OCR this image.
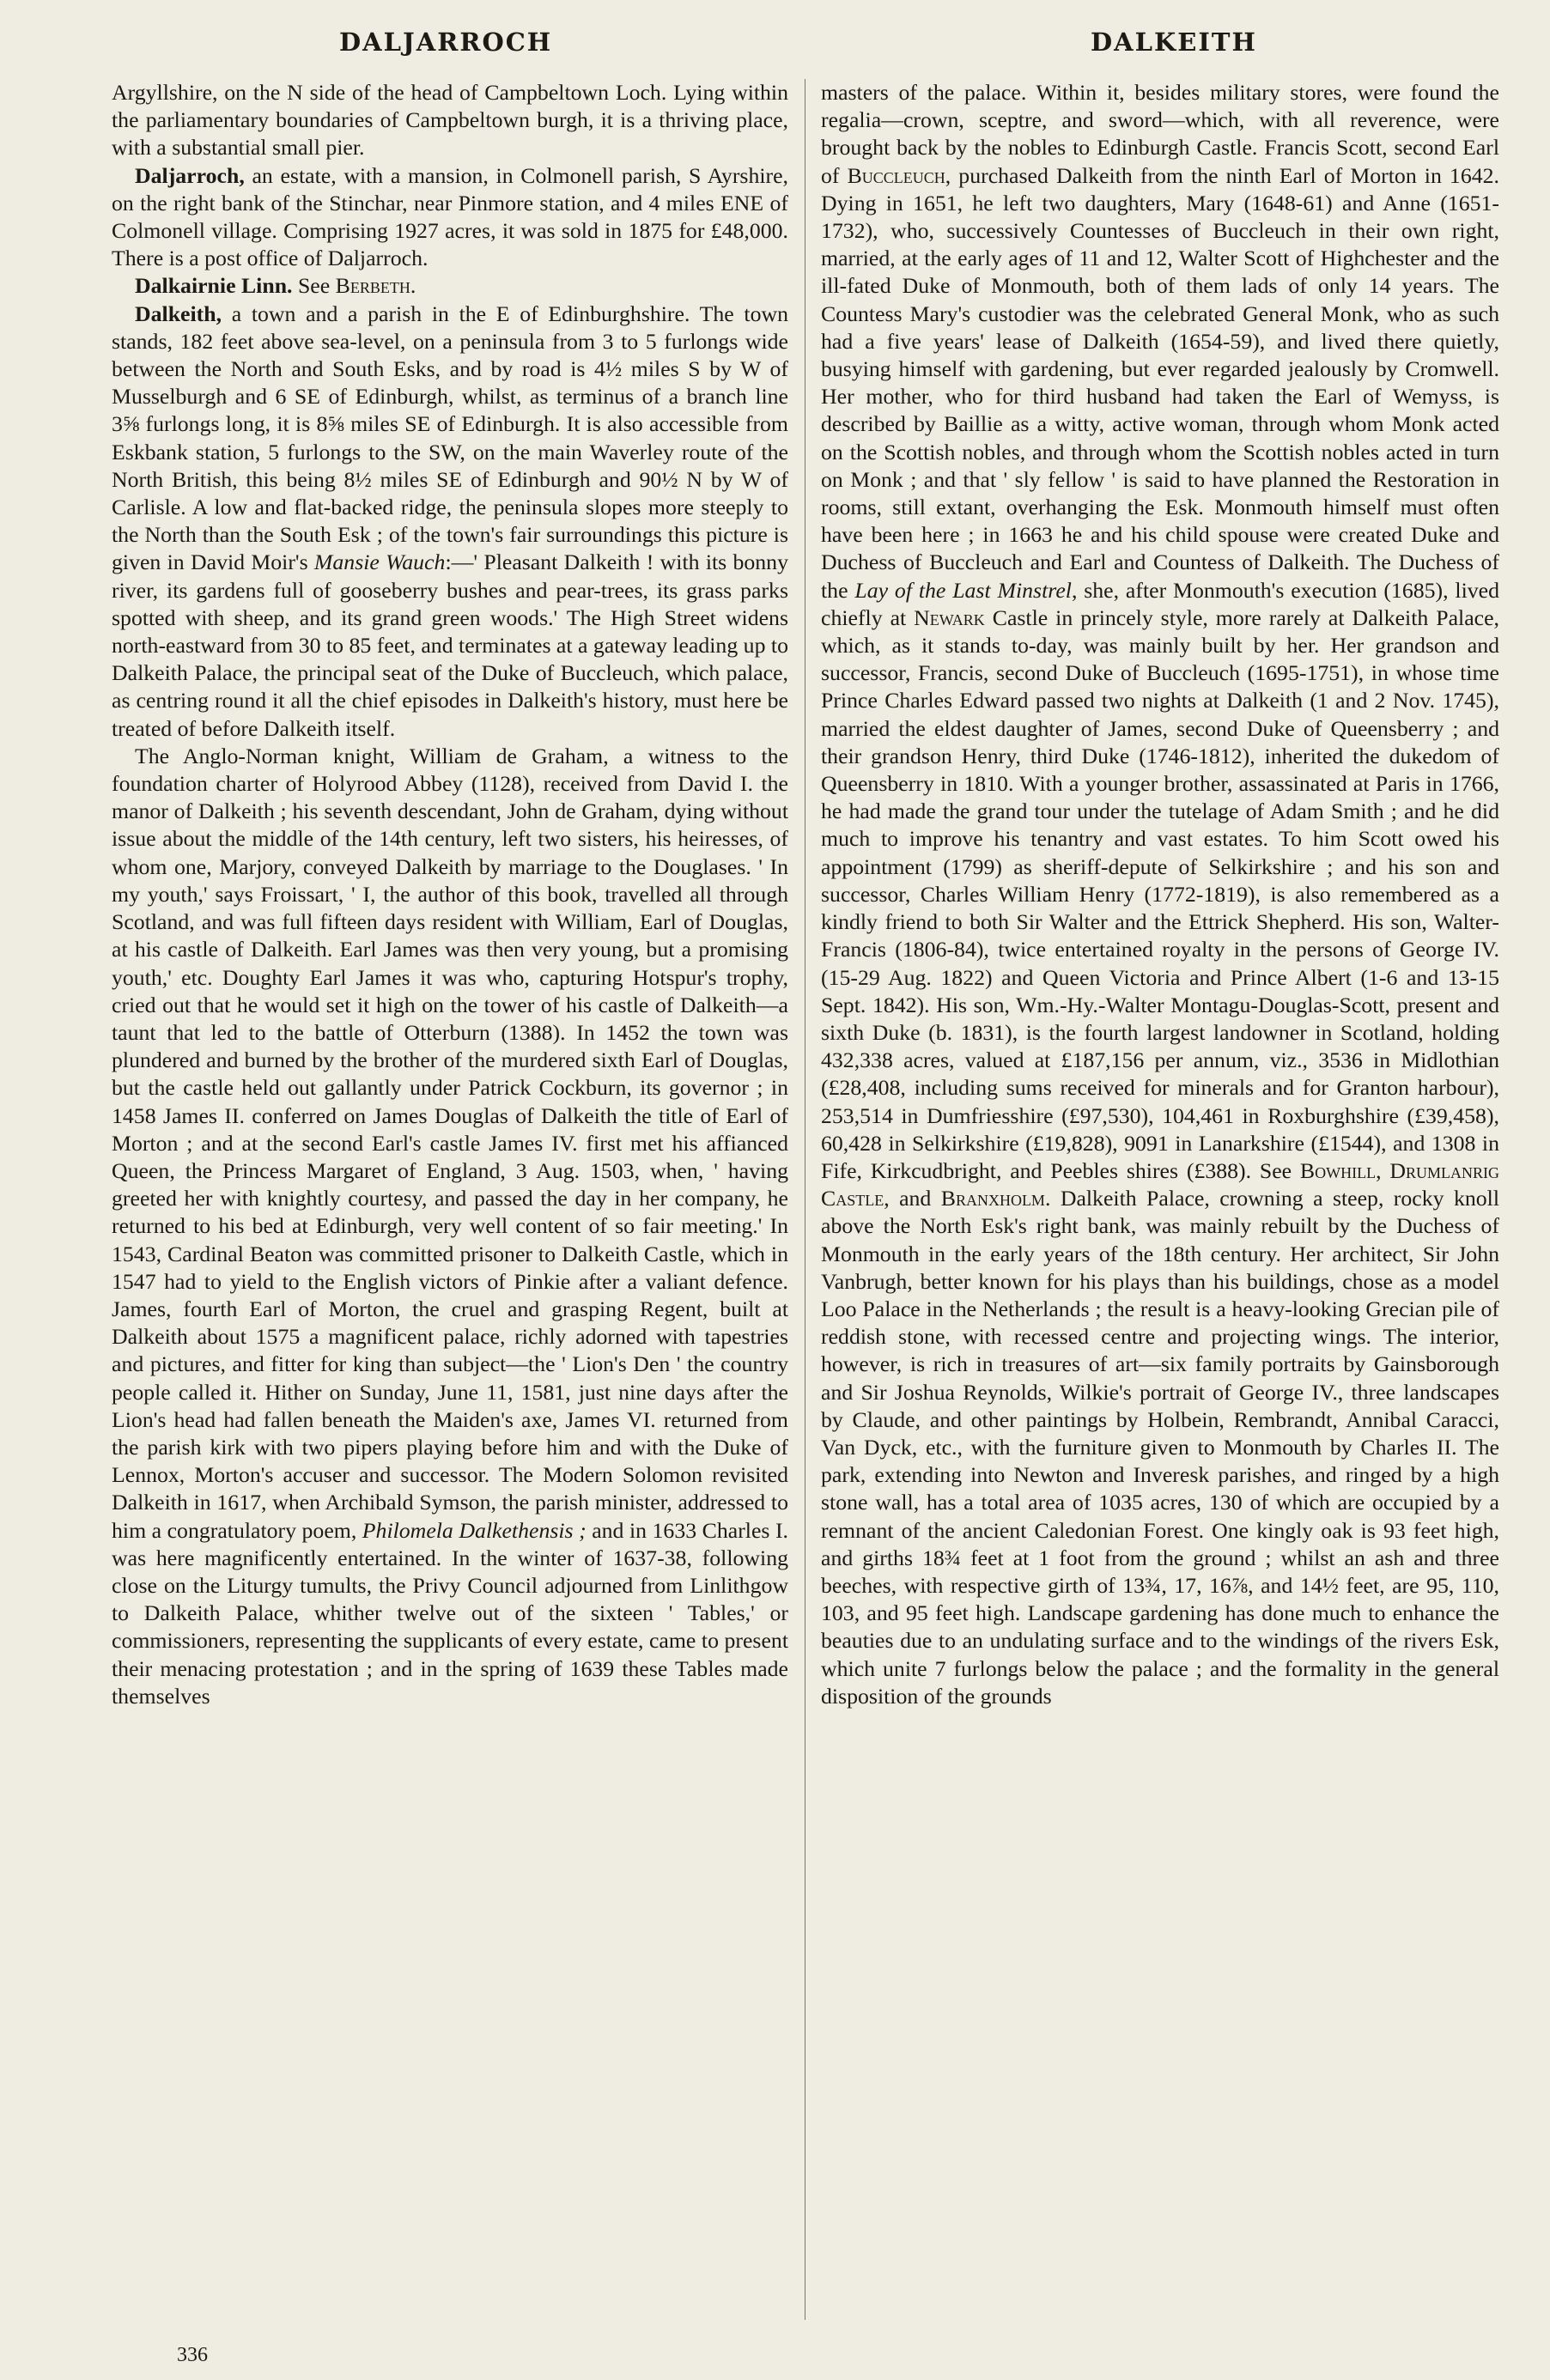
DALJARROCH	DALKEITH

Argyllshire, on the N side of the head of Campbeltown Loch. Lying within the parliamentary boundaries of Campbeltown burgh, it is a thriving place, with a substantial small pier.

Daljarroch, an estate, with a mansion, in Colmonell parish, S Ayrshire, on the right bank of the Stinchar, near Pinmore station, and 4 miles ENE of Colmonell village. Comprising 1927 acres, it was sold in 1875 for £48,000. There is a post office of Daljarroch.

Dalkairnie Linn. See Berbeth.

Dalkeith, a town and a parish in the E of Edinburghshire. The town stands, 182 feet above sea-level, on a peninsula from 3 to 5 furlongs wide between the North and South Esks, and by road is 4½ miles S by W of Musselburgh and 6 SE of Edinburgh, whilst, as terminus of a branch line 3⅝ furlongs long, it is 8⅝ miles SE of Edinburgh. It is also accessible from Eskbank station, 5 furlongs to the SW, on the main Waverley route of the North British, this being 8½ miles SE of Edinburgh and 90½ N by W of Carlisle. A low and flat-backed ridge, the peninsula slopes more steeply to the North than the South Esk ; of the town's fair surroundings this picture is given in David Moir's Mansie Wauch:—' Pleasant Dalkeith ! with its bonny river, its gardens full of gooseberry bushes and pear-trees, its grass parks spotted with sheep, and its grand green woods.' The High Street widens north-eastward from 30 to 85 feet, and terminates at a gateway leading up to Dalkeith Palace, the principal seat of the Duke of Buccleuch, which palace, as centring round it all the chief episodes in Dalkeith's history, must here be treated of before Dalkeith itself.

The Anglo-Norman knight, William de Graham, a witness to the foundation charter of Holyrood Abbey (1128), received from David I. the manor of Dalkeith ; his seventh descendant, John de Graham, dying without issue about the middle of the 14th century, left two sisters, his heiresses, of whom one, Marjory, conveyed Dalkeith by marriage to the Douglases. ' In my youth,' says Froissart, ' I, the author of this book, travelled all through Scotland, and was full fifteen days resident with William, Earl of Douglas, at his castle of Dalkeith. Earl James was then very young, but a promising youth,' etc. Doughty Earl James it was who, capturing Hotspur's trophy, cried out that he would set it high on the tower of his castle of Dalkeith—a taunt that led to the battle of Otterburn (1388). In 1452 the town was plundered and burned by the brother of the murdered sixth Earl of Douglas, but the castle held out gallantly under Patrick Cockburn, its governor ; in 1458 James II. conferred on James Douglas of Dalkeith the title of Earl of Morton ; and at the second Earl's castle James IV. first met his affianced Queen, the Princess Margaret of England, 3 Aug. 1503, when, ' having greeted her with knightly courtesy, and passed the day in her company, he returned to his bed at Edinburgh, very well content of so fair meeting.' In 1543, Cardinal Beaton was committed prisoner to Dalkeith Castle, which in 1547 had to yield to the English victors of Pinkie after a valiant defence. James, fourth Earl of Morton, the cruel and grasping Regent, built at Dalkeith about 1575 a magnificent palace, richly adorned with tapestries and pictures, and fitter for king than subject—the ' Lion's Den ' the country people called it. Hither on Sunday, June 11, 1581, just nine days after the Lion's head had fallen beneath the Maiden's axe, James VI. returned from the parish kirk with two pipers playing before him and with the Duke of Lennox, Morton's accuser and successor. The Modern Solomon revisited Dalkeith in 1617, when Archibald Symson, the parish minister, addressed to him a congratulatory poem, Philomela Dalkethensis ; and in 1633 Charles I. was here magnificently entertained. In the winter of 1637-38, following close on the Liturgy tumults, the Privy Council adjourned from Linlithgow to Dalkeith Palace, whither twelve out of the sixteen ' Tables,' or commissioners, representing the supplicants of every estate, came to present their menacing protestation ; and in the spring of 1639 these Tables made themselves

masters of the palace. Within it, besides military stores, were found the regalia—crown, sceptre, and sword—which, with all reverence, were brought back by the nobles to Edinburgh Castle. Francis Scott, second Earl of Buccleuch, purchased Dalkeith from the ninth Earl of Morton in 1642. Dying in 1651, he left two daughters, Mary (1648-61) and Anne (1651-1732), who, successively Countesses of Buccleuch in their own right, married, at the early ages of 11 and 12, Walter Scott of Highchester and the ill-fated Duke of Monmouth, both of them lads of only 14 years. The Countess Mary's custodier was the celebrated General Monk, who as such had a five years' lease of Dalkeith (1654-59), and lived there quietly, busying himself with gardening, but ever regarded jealously by Cromwell. Her mother, who for third husband had taken the Earl of Wemyss, is described by Baillie as a witty, active woman, through whom Monk acted on the Scottish nobles, and through whom the Scottish nobles acted in turn on Monk ; and that ' sly fellow ' is said to have planned the Restoration in rooms, still extant, overhanging the Esk. Monmouth himself must often have been here ; in 1663 he and his child spouse were created Duke and Duchess of Buccleuch and Earl and Countess of Dalkeith. The Duchess of the Lay of the Last Minstrel, she, after Monmouth's execution (1685), lived chiefly at Newark Castle in princely style, more rarely at Dalkeith Palace, which, as it stands to-day, was mainly built by her. Her grandson and successor, Francis, second Duke of Buccleuch (1695-1751), in whose time Prince Charles Edward passed two nights at Dalkeith (1 and 2 Nov. 1745), married the eldest daughter of James, second Duke of Queensberry ; and their grandson Henry, third Duke (1746-1812), inherited the dukedom of Queensberry in 1810. With a younger brother, assassinated at Paris in 1766, he had made the grand tour under the tutelage of Adam Smith ; and he did much to improve his tenantry and vast estates. To him Scott owed his appointment (1799) as sheriff-depute of Selkirkshire ; and his son and successor, Charles William Henry (1772-1819), is also remembered as a kindly friend to both Sir Walter and the Ettrick Shepherd. His son, Walter-Francis (1806-84), twice entertained royalty in the persons of George IV. (15-29 Aug. 1822) and Queen Victoria and Prince Albert (1-6 and 13-15 Sept. 1842). His son, Wm.-Hy.-Walter Montagu-Douglas-Scott, present and sixth Duke (b. 1831), is the fourth largest landowner in Scotland, holding 432,338 acres, valued at £187,156 per annum, viz., 3536 in Midlothian (£28,408, including sums received for minerals and for Granton harbour), 253,514 in Dumfriesshire (£97,530), 104,461 in Roxburghshire (£39,458), 60,428 in Selkirkshire (£19,828), 9091 in Lanarkshire (£1544), and 1308 in Fife, Kirkcudbright, and Peebles shires (£388). See Bowhill, Drumlanrig Castle, and Branxholm. Dalkeith Palace, crowning a steep, rocky knoll above the North Esk's right bank, was mainly rebuilt by the Duchess of Monmouth in the early years of the 18th century. Her architect, Sir John Vanbrugh, better known for his plays than his buildings, chose as a model Loo Palace in the Netherlands ; the result is a heavy-looking Grecian pile of reddish stone, with recessed centre and projecting wings. The interior, however, is rich in treasures of art—six family portraits by Gainsborough and Sir Joshua Reynolds, Wilkie's portrait of George IV., three landscapes by Claude, and other paintings by Holbein, Rembrandt, Annibal Caracci, Van Dyck, etc., with the furniture given to Monmouth by Charles II. The park, extending into Newton and Inveresk parishes, and ringed by a high stone wall, has a total area of 1035 acres, 130 of which are occupied by a remnant of the ancient Caledonian Forest. One kingly oak is 93 feet high, and girths 18¾ feet at 1 foot from the ground ; whilst an ash and three beeches, with respective girth of 13¾, 17, 16⅞, and 14½ feet, are 95, 110, 103, and 95 feet high. Landscape gardening has done much to enhance the beauties due to an undulating surface and to the windings of the rivers Esk, which unite 7 furlongs below the palace ; and the formality in the general disposition of the grounds

336
